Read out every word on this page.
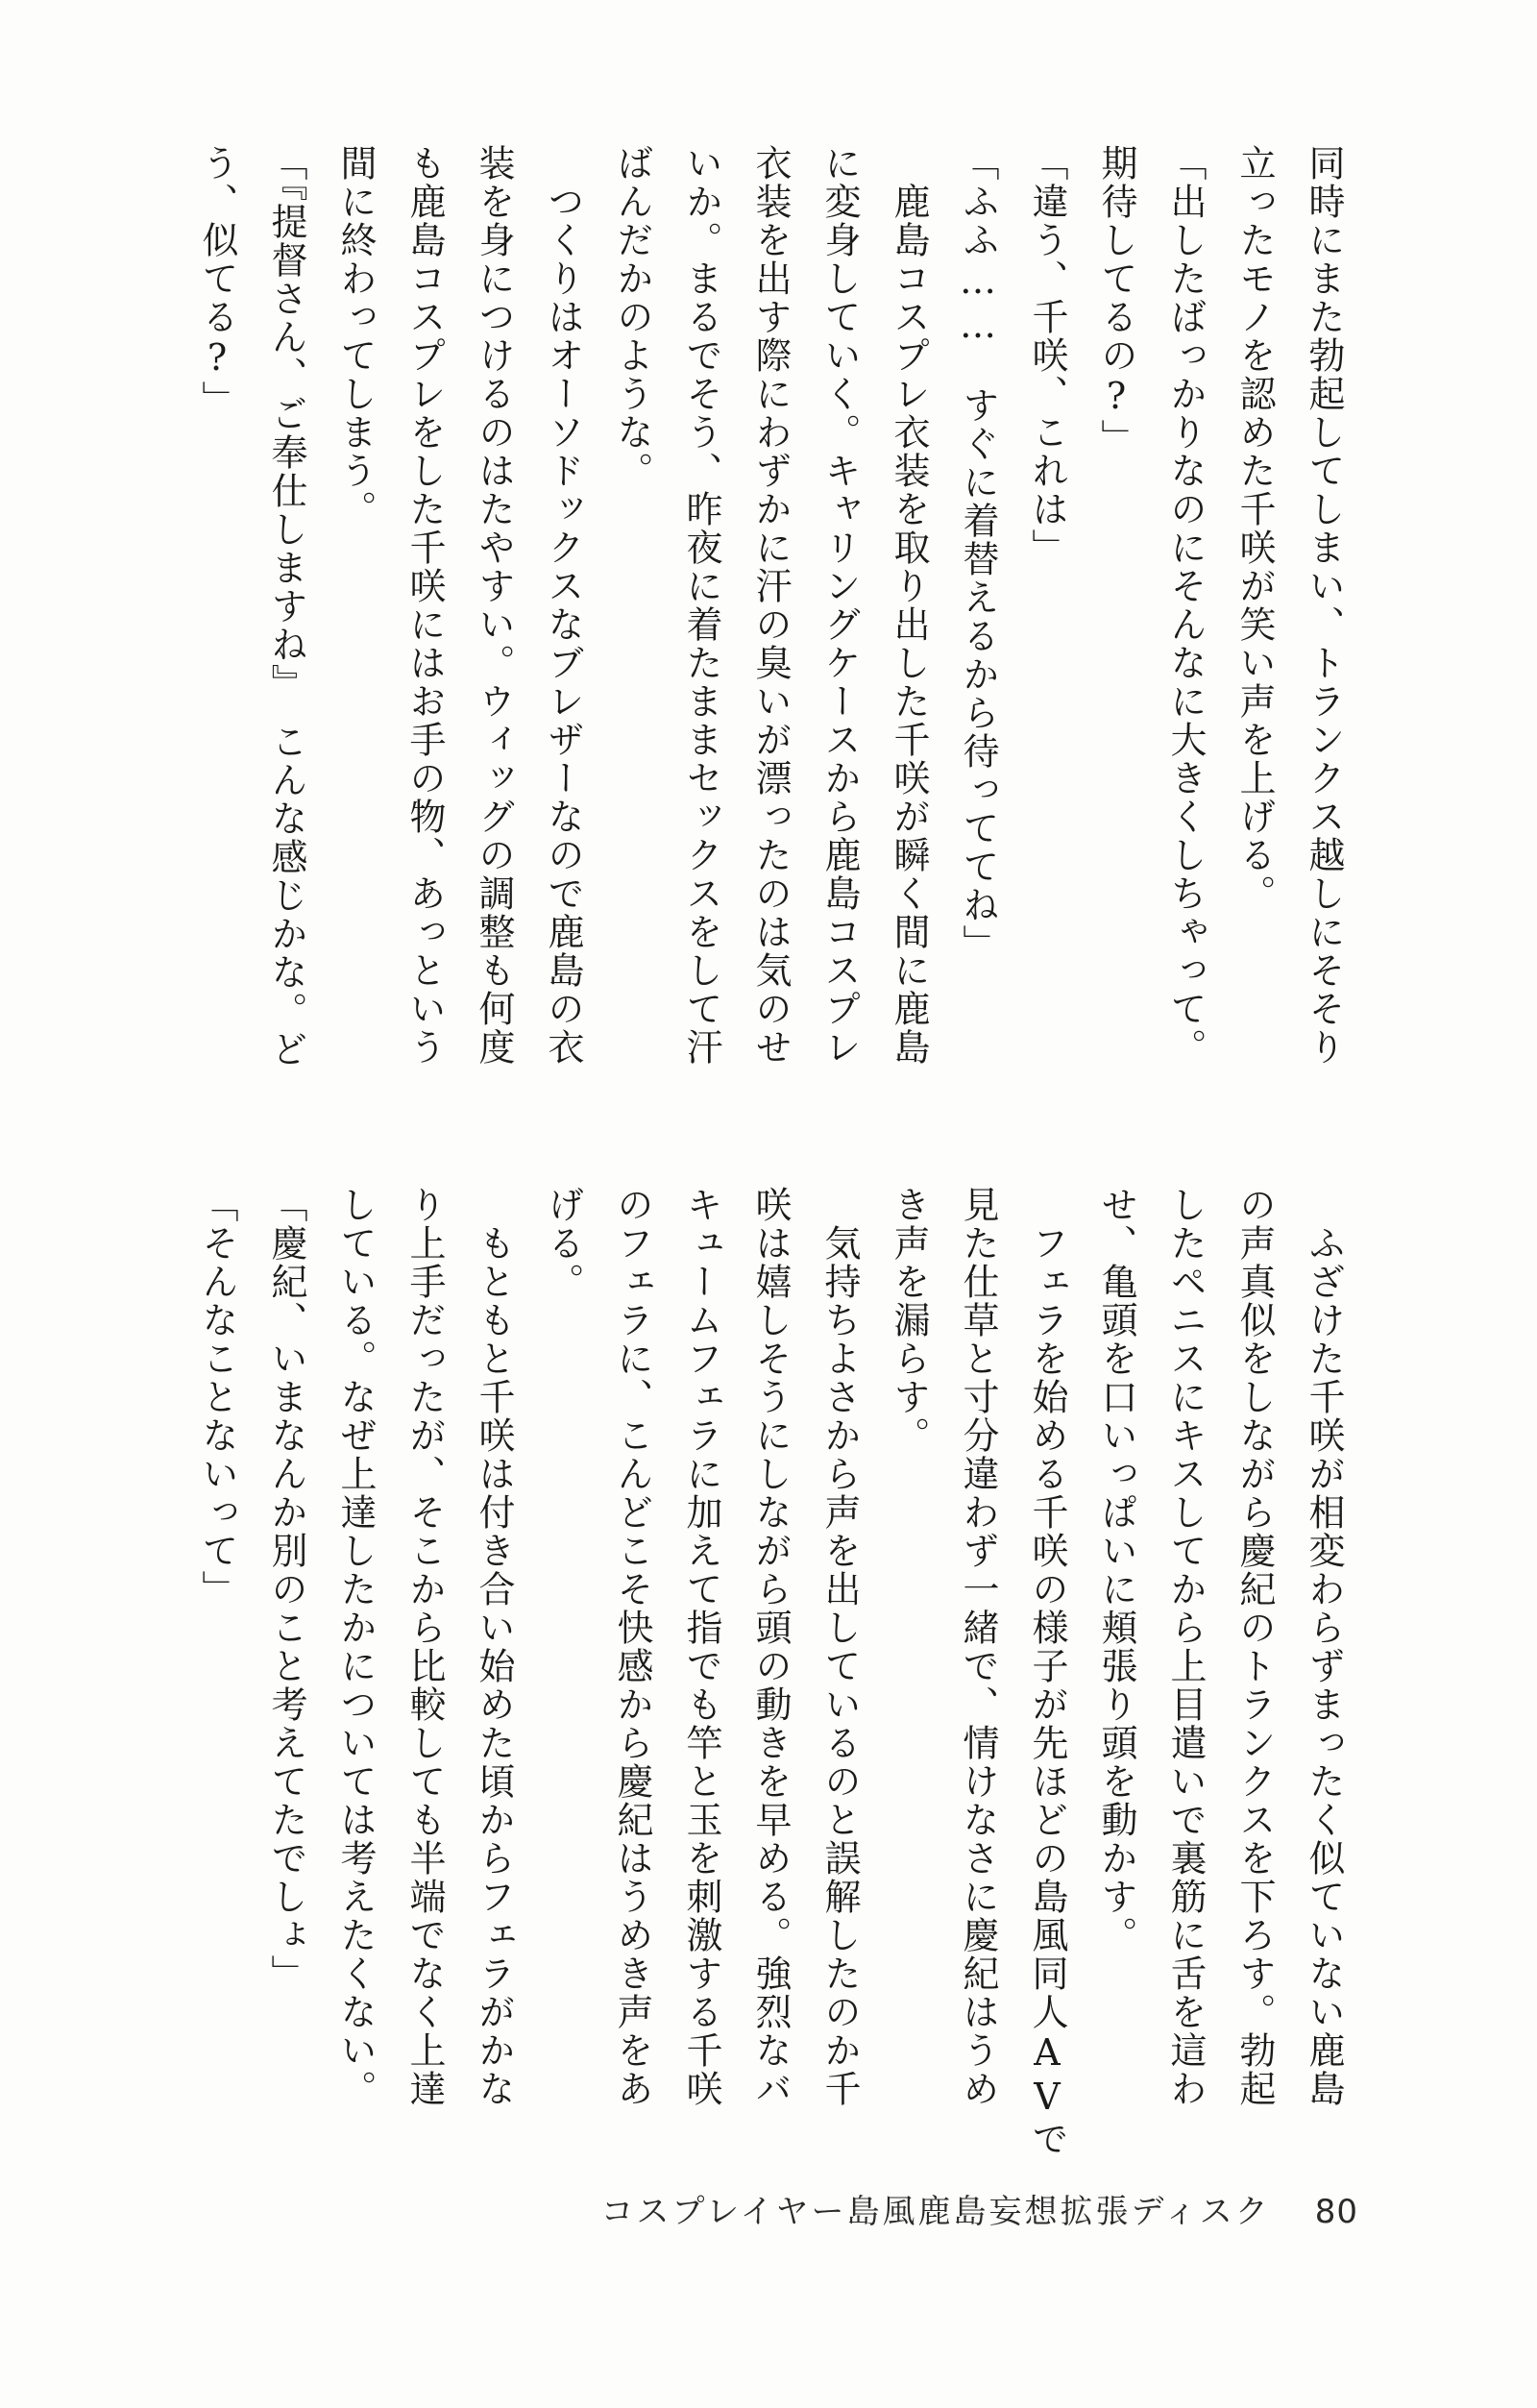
同時にまた勃起してしまい、トランクス越しにそそり
立ったモノを認めた千咲が笑い声を上げる。
「出したばっかりなのにそんなに大きくしちゃって。
期待してるの?」
「違う、千咲、これは」
「ふふ……　すぐに着替えるから待っててね」
　鹿島コスプレ衣装を取り出した千咲が瞬く間に鹿島
に変身していく。キャリングケースから鹿島コスプレ
衣装を出す際にわずかに汗の臭いが漂ったのは気のせ
いか。まるでそう、昨夜に着たままセックスをして汗
ばんだかのような。
　つくりはオーソドックスなブレザーなので鹿島の衣
装を身につけるのはたやすい。ウィッグの調整も何度
も鹿島コスプレをした千咲にはお手の物、あっという
間に終わってしまう。
「『提督さん、ご奉仕しますね』　こんな感じかな。ど
う、似てる?」
　ふざけた千咲が相変わらずまったく似ていない鹿島
の声真似をしながら慶紀のトランクスを下ろす。勃起
したペニスにキスしてから上目遣いで裏筋に舌を這わ
せ、亀頭を口いっぱいに頬張り頭を動かす。
　フェラを始める千咲の様子が先ほどの島風同人AVで
見た仕草と寸分違わず一緒で、情けなさに慶紀はうめ
き声を漏らす。
　気持ちよさから声を出しているのと誤解したのか千
咲は嬉しそうにしながら頭の動きを早める。強烈なバ
キュームフェラに加えて指でも竿と玉を刺激する千咲
のフェラに、こんどこそ快感から慶紀はうめき声をあ
げる。
　もともと千咲は付き合い始めた頃からフェラがかな
り上手だったが、そこから比較しても半端でなく上達
している。なぜ上達したかについては考えたくない。
「慶紀、いまなんか別のこと考えてたでしょ」
「そんなことないって」
コスプレイヤー島風鹿島妄想拡張ディスク 80
